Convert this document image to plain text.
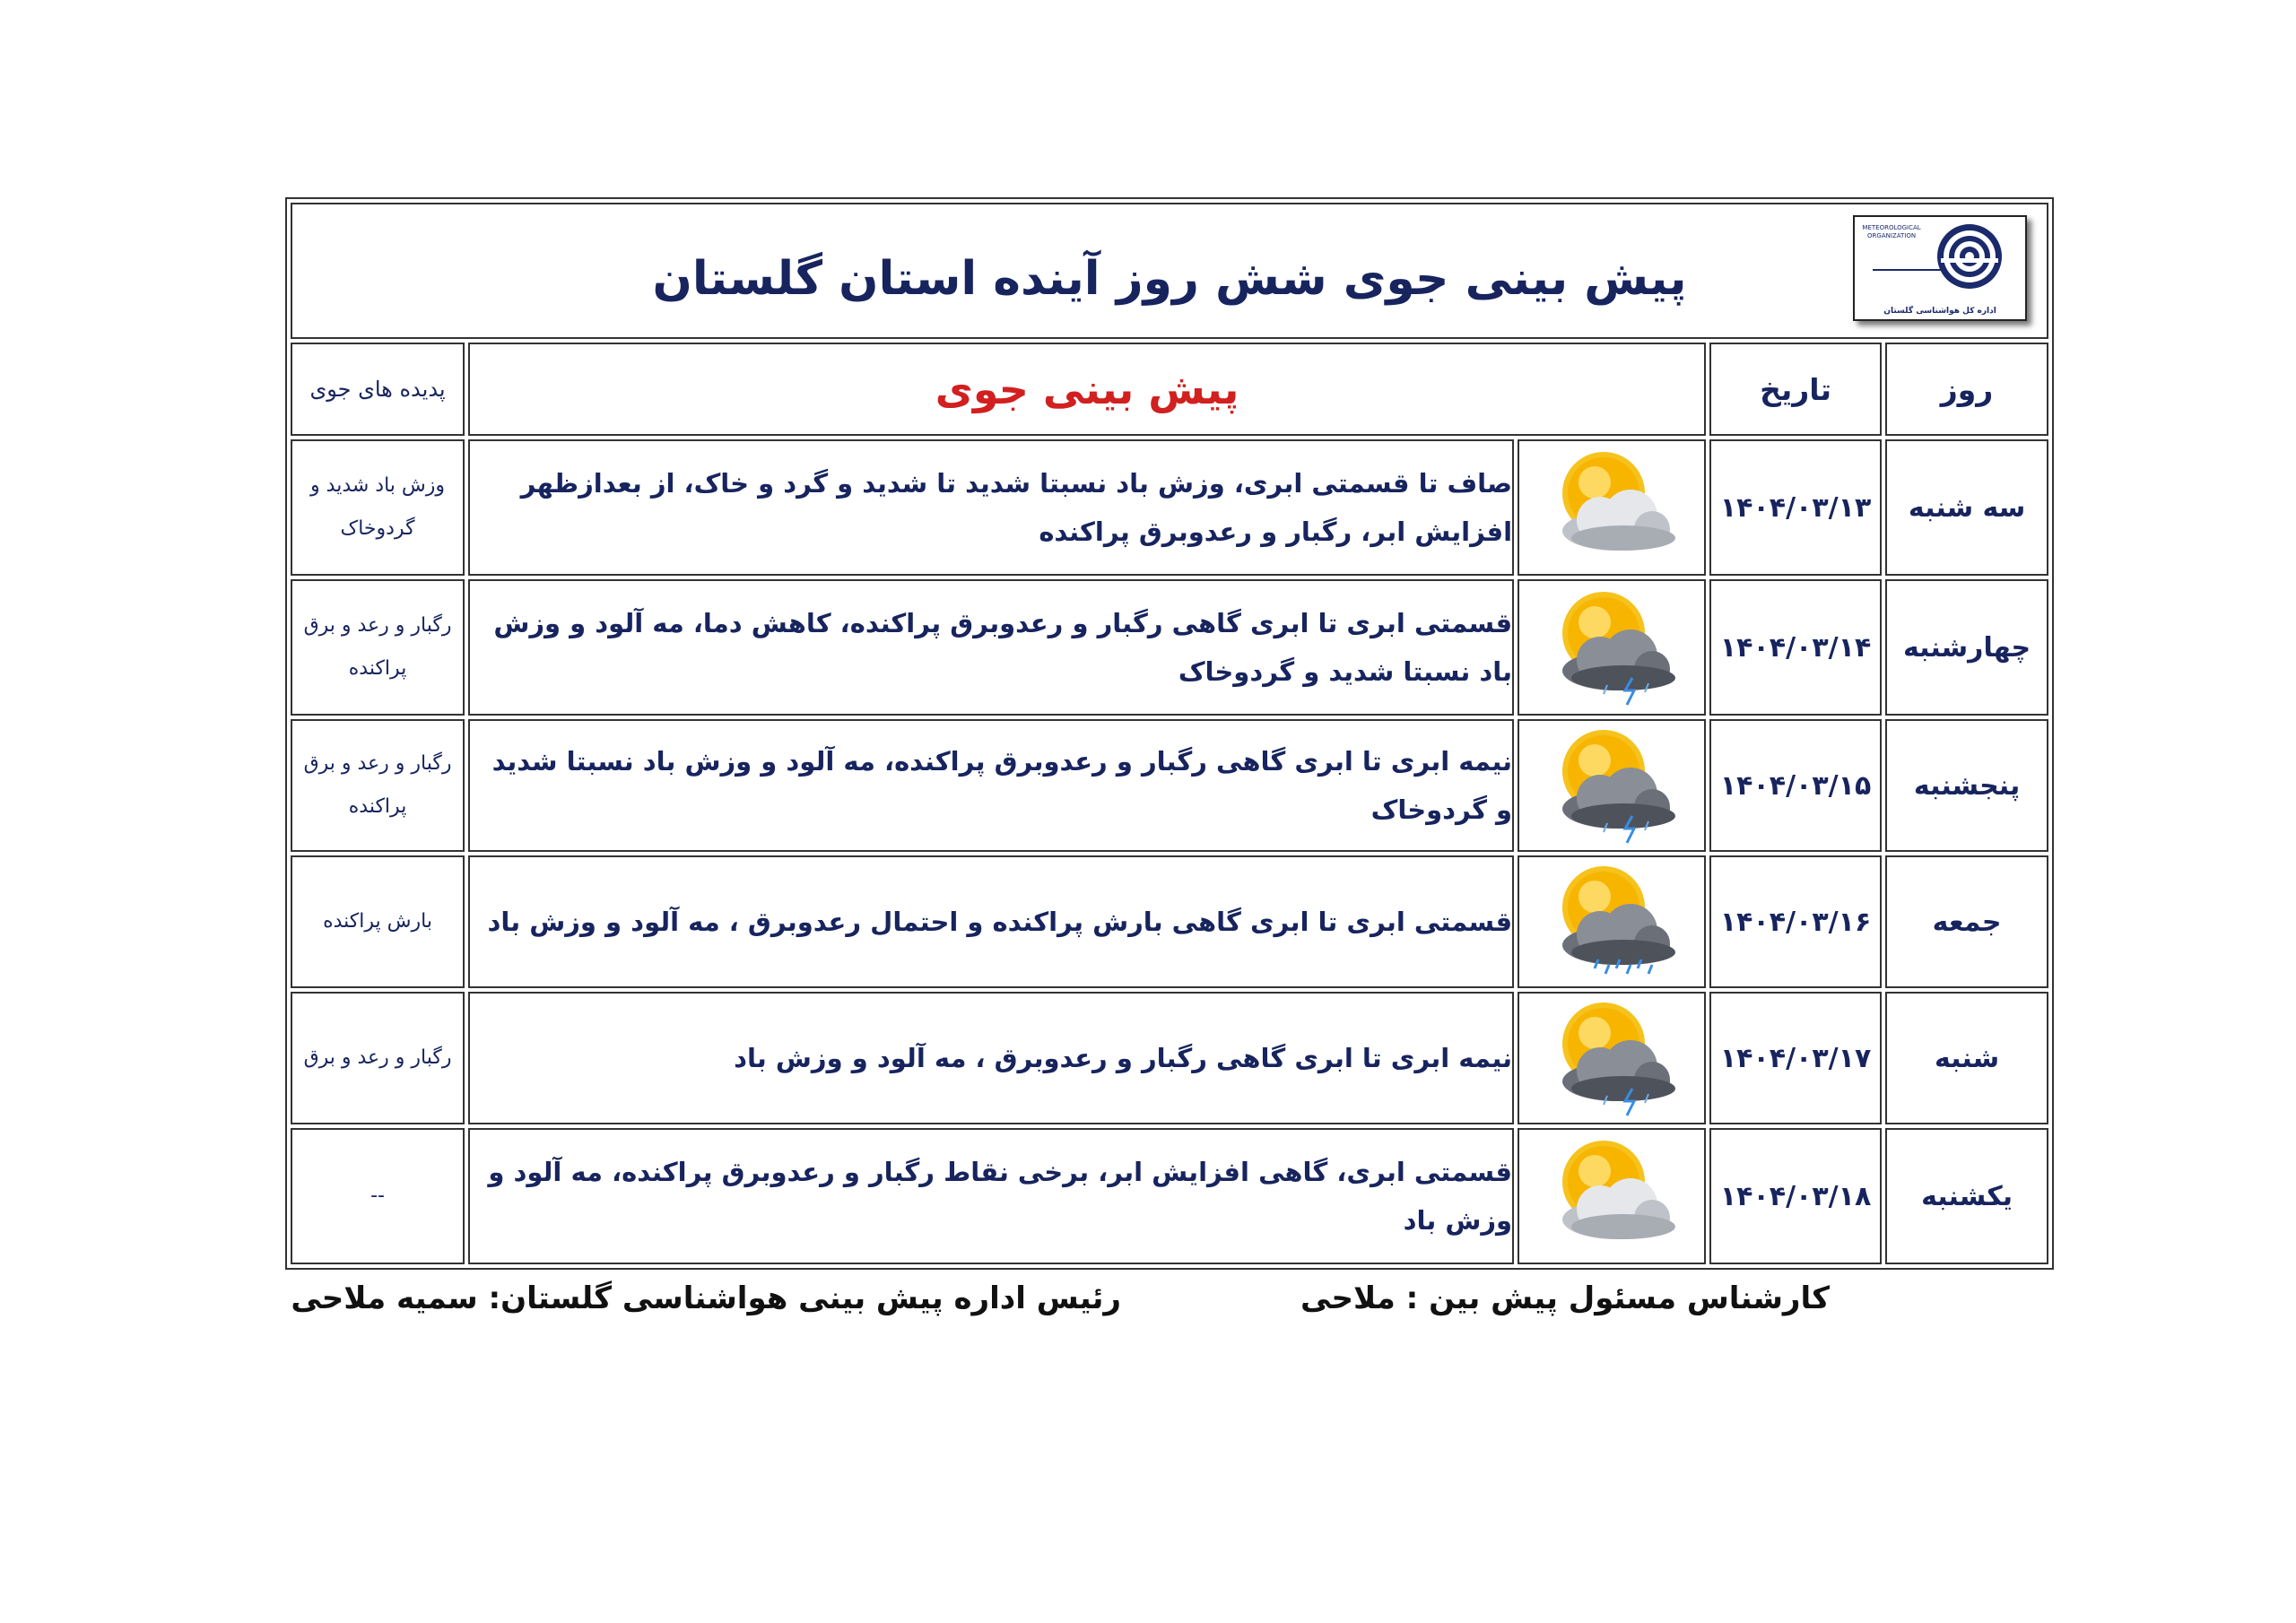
METEOROLOGICAL ORGANIZATION
اداره کل هواشناسی گلستان
پیش بینی جوی شش روز آینده استان گلستان				

روز	تاریخ	پیش بینی جوی		پدیده های جوی
سه شنبه	۱۴۰۴/۰۳/۱۳		صاف تا قسمتی ابری، وزش باد نسبتا شدید تا شدید و گرد و خاک، از بعدازظهر افزایش ابر، رگبار و رعدوبرق پراکنده	وزش باد شدید و گردوخاک
چهارشنبه	۱۴۰۴/۰۳/۱۴		قسمتی ابری تا ابری گاهی رگبار و رعدوبرق پراکنده، کاهش دما، مه آلود و وزش باد نسبتا شدید و گردوخاک	رگبار و رعد و برق پراکنده
پنجشنبه	۱۴۰۴/۰۳/۱۵		نیمه ابری تا ابری گاهی رگبار و رعدوبرق پراکنده، مه آلود و وزش باد نسبتا شدید و گردوخاک	رگبار و رعد و برق پراکنده
جمعه	۱۴۰۴/۰۳/۱۶		قسمتی ابری تا ابری گاهی بارش پراکنده و احتمال رعدوبرق ، مه آلود و وزش باد	بارش پراکنده
شنبه	۱۴۰۴/۰۳/۱۷		نیمه ابری تا ابری گاهی رگبار و رعدوبرق ، مه آلود و وزش باد	رگبار و رعد و برق
یکشنبه	۱۴۰۴/۰۳/۱۸		قسمتی ابری، گاهی افزایش ابر، برخی نقاط رگبار و رعدوبرق پراکنده، مه آلود و وزش باد	--
کارشناس مسئول پیش بین : ملاحی
رئیس اداره پیش بینی هواشناسی گلستان: سمیه ملاحی
